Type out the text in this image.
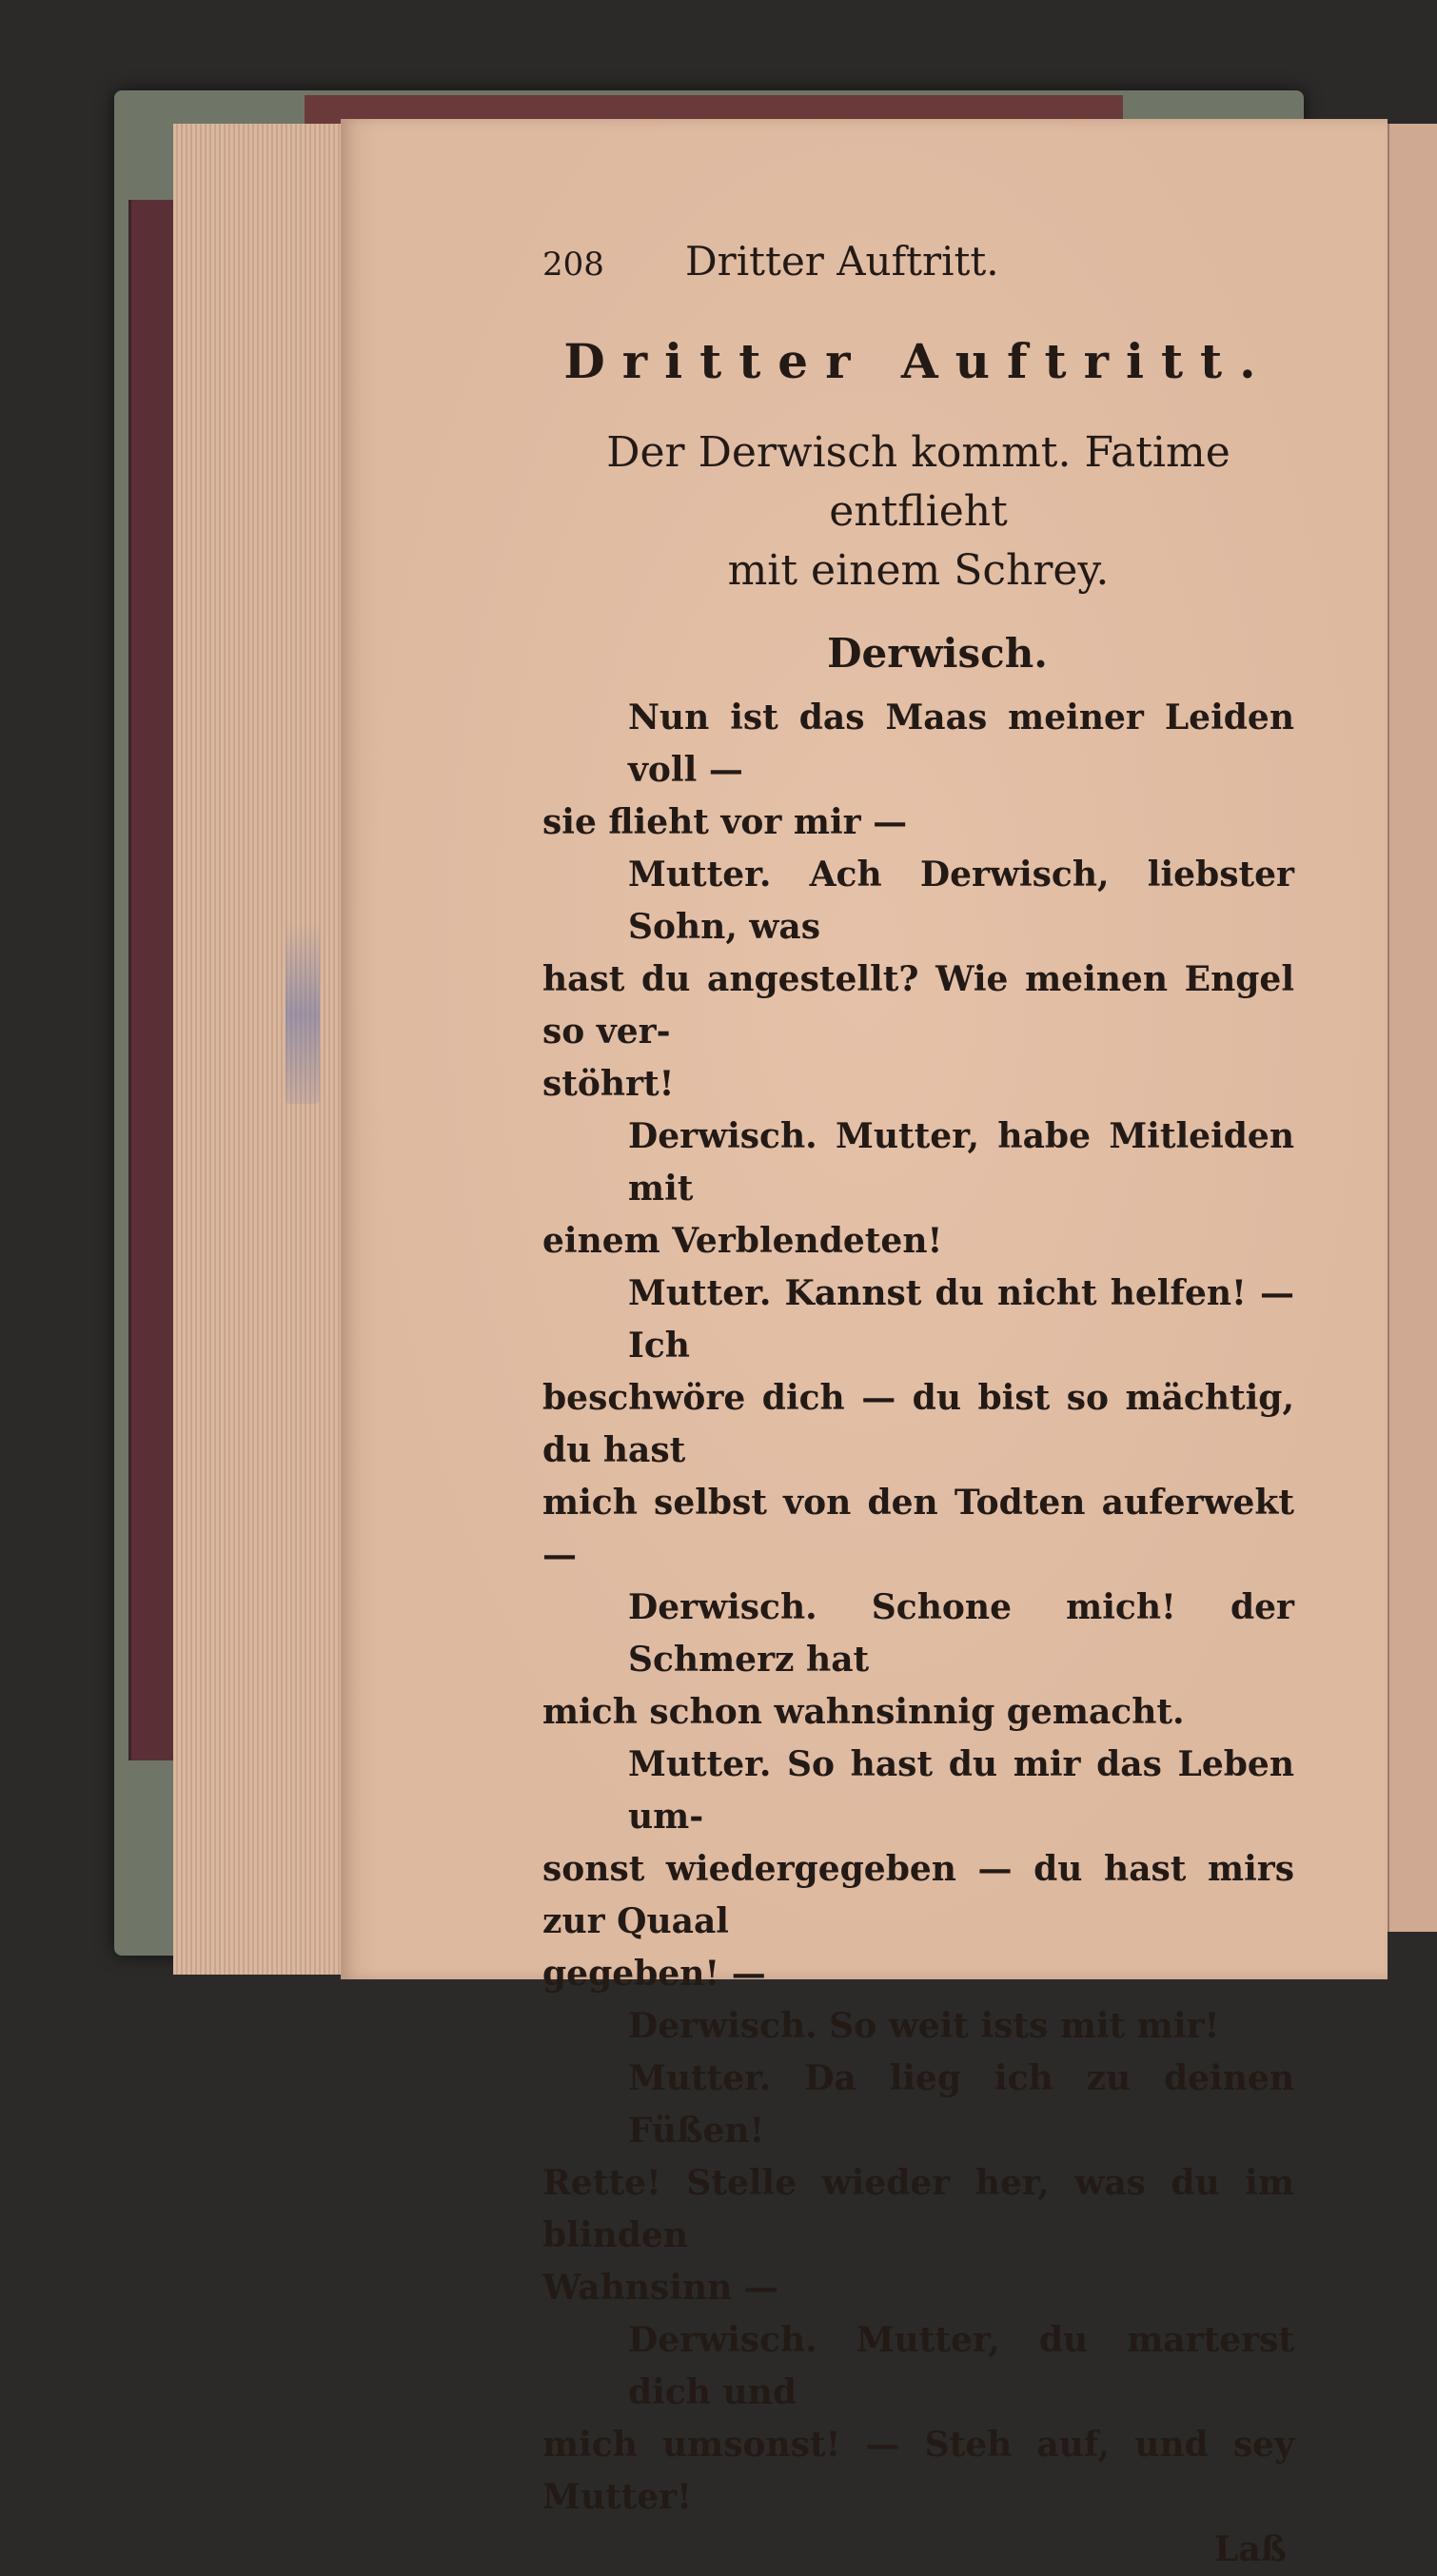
208	Dritter Auftritt.
Dritter Auftritt.
Der Derwisch kommt. Fatime entflieht
mit einem Schrey.
Derwisch.

Nun ist das Maas meiner Leiden voll —
sie flieht vor mir —

Mutter. Ach Derwisch, liebster Sohn, was
hast du angestellt? Wie meinen Engel so ver-
stöhrt!

Derwisch. Mutter, habe Mitleiden mit
einem Verblendeten!

Mutter. Kannst du nicht helfen! — Ich
beschwöre dich — du bist so mächtig, du hast
mich selbst von den Todten auferwekt —

Derwisch. Schone mich! der Schmerz hat
mich schon wahnsinnig gemacht.

Mutter. So hast du mir das Leben um-
sonst wiedergegeben — du hast mirs zur Quaal
gegeben! —

Derwisch. So weit ists mit mir!

Mutter. Da lieg ich zu deinen Füßen!
Rette! Stelle wieder her, was du im blinden
Wahnsinn —

Derwisch. Mutter, du marterst dich und
mich umsonst! — Steh auf, und sey Mutter!

Laß
